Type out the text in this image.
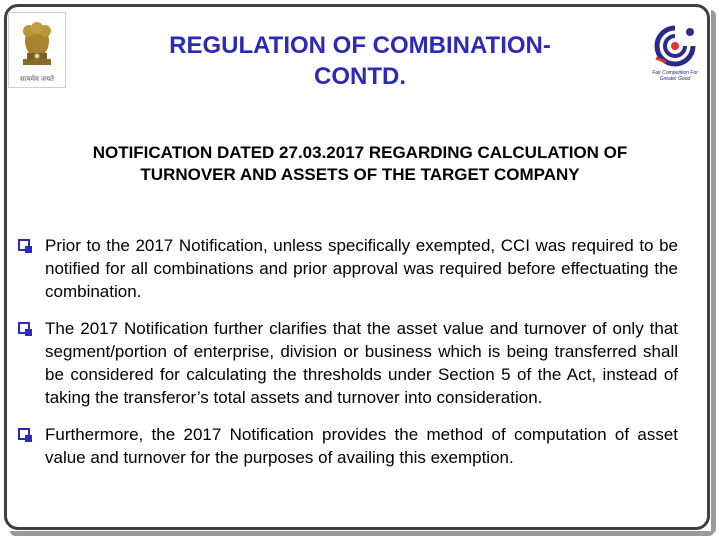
सत्यमेव जयते
Fair Competition For Greater Good
REGULATION OF COMBINATION-
CONTD.
NOTIFICATION DATED 27.03.2017 REGARDING CALCULATION OF
TURNOVER AND ASSETS OF THE TARGET COMPANY
Prior to the 2017 Notification, unless specifically exempted, CCI was required to be notified for all combinations and prior approval was required before effectuating the combination.
The 2017 Notification further clarifies that the asset value and turnover of only that segment/portion of enterprise, division or business which is being transferred shall be considered for calculating the thresholds under Section 5 of the Act, instead of taking the transferor’s total assets and turnover into consideration.
Furthermore, the 2017 Notification provides the method of computation of asset value and turnover for the purposes of availing this exemption.
